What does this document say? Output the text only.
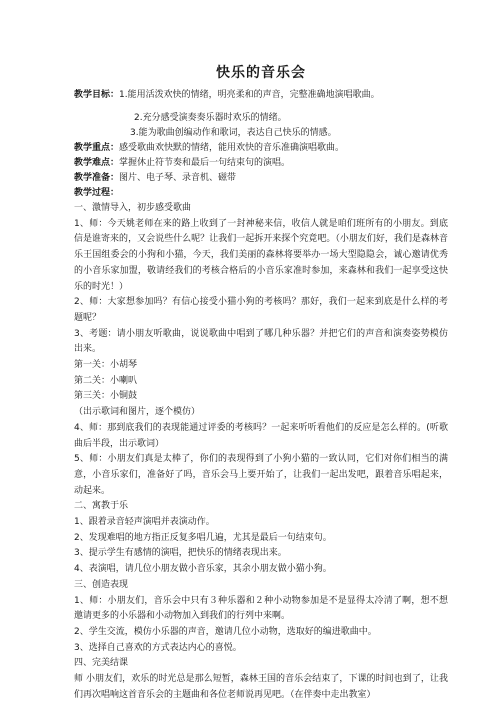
快乐的音乐会
教学目标：1.能用活泼欢快的情绪，明亮柔和的声音，完整准确地演唱歌曲。
2.充分感受演奏奏乐器时欢乐的情绪。
3.能为歌曲创编动作和歌词，表达自己快乐的情感。
教学重点：感受歌曲欢快默的情绪，能用欢快的音乐准确演唱歌曲。
教学难点：掌握休止符节奏和最后一句结束句的演唱。
教学准备：图片、电子琴、录音机、磁带
教学过程：

一、激情导入，初步感受歌曲

1、师：今天姚老师在来的路上收到了一封神秘来信，收信人就是咱们班所有的小朋友。到底信是谁寄来的，又会说些什么呢？让我们一起拆开来探个究竟吧。（小朋友们好，我们是森林音乐王国组委会的小狗和小猫，今天，我们美丽的森林将要举办一场大型隐隐会，诚心邀请优秀的小音乐家加盟，敬请经我们的考核合格后的小音乐家准时参加，来森林和我们一起享受这快乐的时光！）

2、师：大家想参加吗？有信心接受小猫小狗的考核吗？那好，我们一起来到底是什么样的考题呢？

3、考题：请小朋友听歌曲，说说歌曲中唱到了哪几种乐器？并把它们的声音和演奏姿势模仿出来。

第一关：小胡琴

第二关：小喇叭

第三关：小铜鼓

（出示歌词和图片，逐个模仿）

4、师：那到底我们的表现能通过评委的考核吗？一起来听听看他们的反应是怎么样的。(听歌曲后半段，出示歌词）

5、师：小朋友们真是太棒了，你们的表现得到了小狗小猫的一致认同，它们对你们相当的满意，小音乐家们，准备好了吗，音乐会马上要开始了，让我们一起出发吧，跟着音乐唱起来，动起来。

二、寓教于乐

1、跟着录音轻声演唱并表演动作。

2、发现难唱的地方指正反复多唱几遍，尤其是最后一句结束句。

3、提示学生有感情的演唱，把快乐的情绪表现出来。

4、表演唱，请几位小朋友做小音乐家，其余小朋友做小猫小狗。

三、创造表现

1、师：小朋友们，音乐会中只有３种乐器和２种小动物参加是不是显得太冷清了啊，想不想邀请更多的小乐器和小动物加入到我们的行列中来啊。

2、学生交流，模仿小乐器的声音，邀请几位小动物，选取好的编进歌曲中。

3、选择自己喜欢的方式表达内心的喜悦。

四、完美结课

师 小朋友们，欢乐的时光总是那么短暂，森林王国的音乐会结束了，下课的时间也到了，让我们再次唱响这首音乐会的主题曲和各位老师说再见吧。（在伴奏中走出教室）
